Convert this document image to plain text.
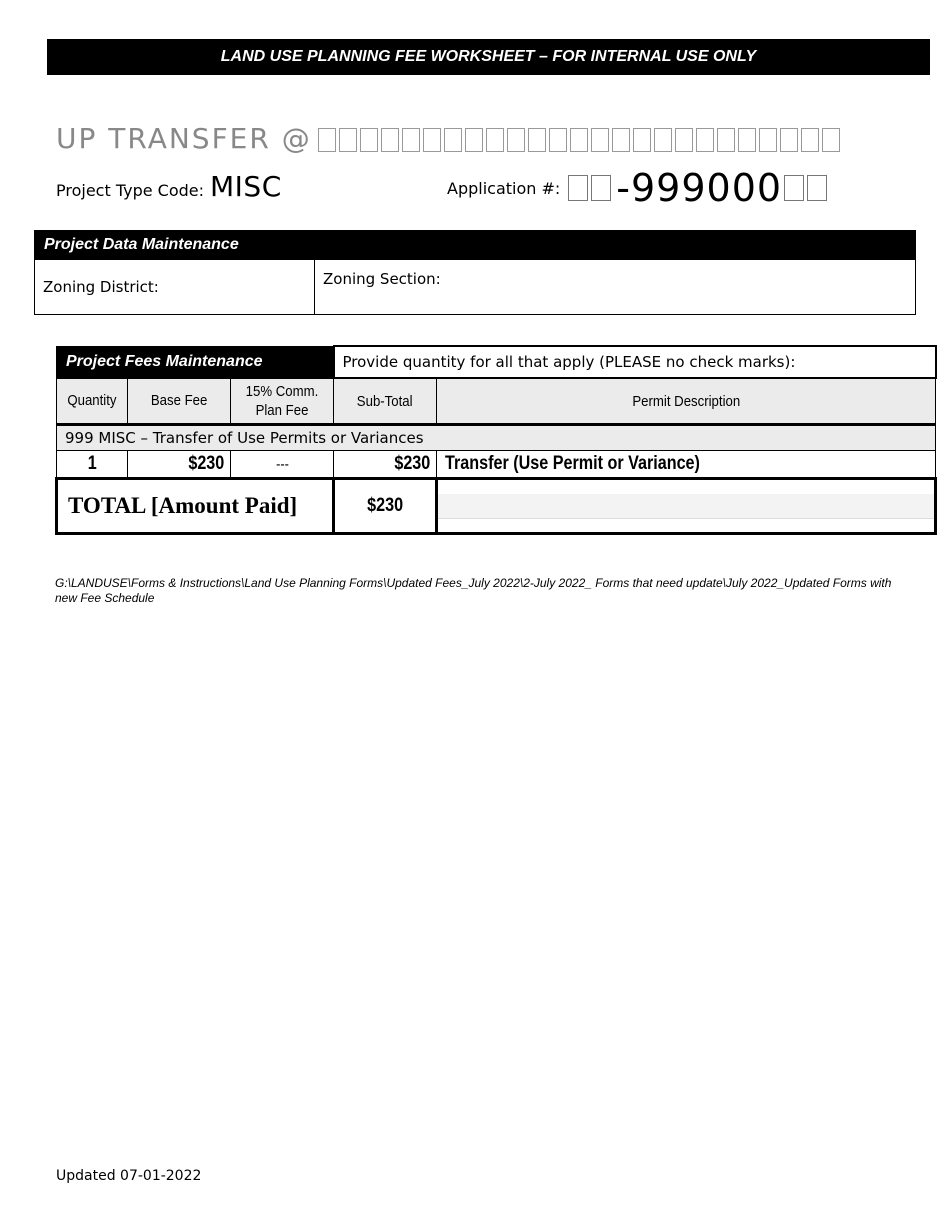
LAND USE PLANNING FEE WORKSHEET – FOR INTERNAL USE ONLY
UP TRANSFER @
Project Type Code: MISC	Application #: -999000
Project Data Maintenance
Zoning District:	Zoning Section:
Project Fees Maintenance			Provide quantity for all that apply (PLEASE no check marks):	
Quantity	Base Fee	15% Comm. Plan Fee	Sub-Total	Permit Description
999 MISC – Transfer of Use Permits or Variances				
1	$230	---	$230	Transfer (Use Permit or Variance)
TOTAL [Amount Paid]			$230	
G:\LANDUSE\Forms & Instructions\Land Use Planning Forms\Updated Fees_July 2022\2-July 2022_ Forms that need update\July 2022_Updated Forms with new Fee Schedule
Updated 07-01-2022
